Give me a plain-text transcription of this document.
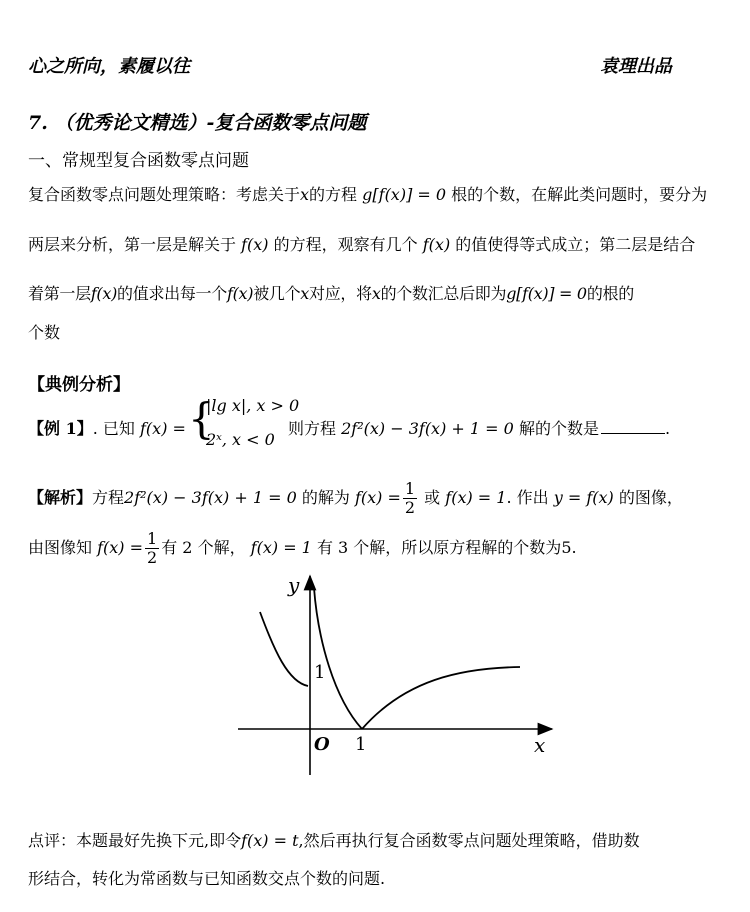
心之所向，素履以往	袁理出品
7. （优秀论文精选）-复合函数零点问题
一、常规型复合函数零点问题
复合函数零点问题处理策略：考虑关于x的方程 g[f(x)] = 0 根的个数，在解此类问题时，要分为
两层来分析，第一层是解关于 f(x) 的方程，观察有几个 f(x) 的值使得等式成立；第二层是结合
着第一层f(x)的值求出每一个f(x)被几个x对应，将x的个数汇总后即为g[f(x)] = 0的根的
个数
【典例分析】
【例 1】. 已知 f(x) = {
|lg x|, x > 0
2ˣ, x < 0
则方程 2f²(x) − 3f(x) + 1 = 0 解的个数是	.
【解析】方程2f²(x) − 3f(x) + 1 = 0 的解为 $f(x) = \frac{1}{2}$ 或 f(x) = 1. 作出 y = f(x) 的图像，
由图像知 $f(x) = \frac{1}{2}$ 有 2 个解， f(x) = 1 有 3 个解，所以原方程解的个数为5.
y
x
O
1
1
点评：本题最好先换下元,即令f(x) = t,然后再执行复合函数零点问题处理策略，借助数
形结合，转化为常函数与已知函数交点个数的问题.
